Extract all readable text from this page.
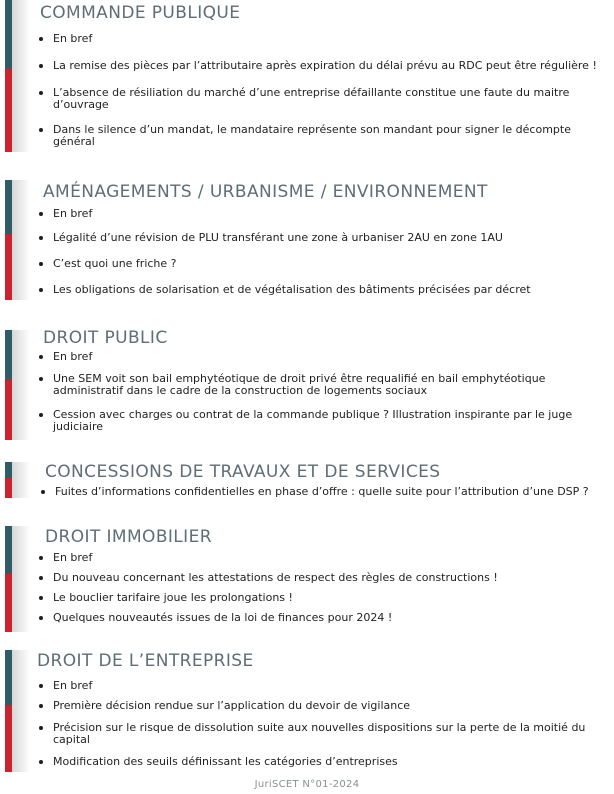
COMMANDE PUBLIQUE
En bref
La remise des pièces par l’attributaire après expiration du délai prévu au RDC peut être régulière !
L’absence de résiliation du marché d’une entreprise défaillante constitue une faute du maitre d’ouvrage
Dans le silence d’un mandat, le mandataire représente son mandant pour signer le décompte général
AMÉNAGEMENTS / URBANISME / ENVIRONNEMENT
En bref
Légalité d’une révision de PLU transférant une zone à urbaniser 2AU en zone 1AU
C’est quoi une friche ?
Les obligations de solarisation et de végétalisation des bâtiments précisées par décret
DROIT PUBLIC
En bref
Une SEM voit son bail emphytéotique de droit privé être requalifié en bail emphytéotique administratif dans le cadre de la construction de logements sociaux
Cession avec charges ou contrat de la commande publique ? Illustration inspirante par le juge judiciaire
CONCESSIONS DE TRAVAUX ET DE SERVICES
Fuites d’informations confidentielles en phase d’offre : quelle suite pour l’attribution d’une DSP ?
DROIT IMMOBILIER
En bref
Du nouveau concernant les attestations de respect des règles de constructions !
Le bouclier tarifaire joue les prolongations !
Quelques nouveautés issues de la loi de finances pour 2024 !
DROIT DE L’ENTREPRISE
En bref
Première décision rendue sur l’application du devoir de vigilance
Précision sur le risque de dissolution suite aux nouvelles dispositions sur la perte de la moitié du capital
Modification des seuils définissant les catégories d’entreprises
JuriSCET N°01-2024
